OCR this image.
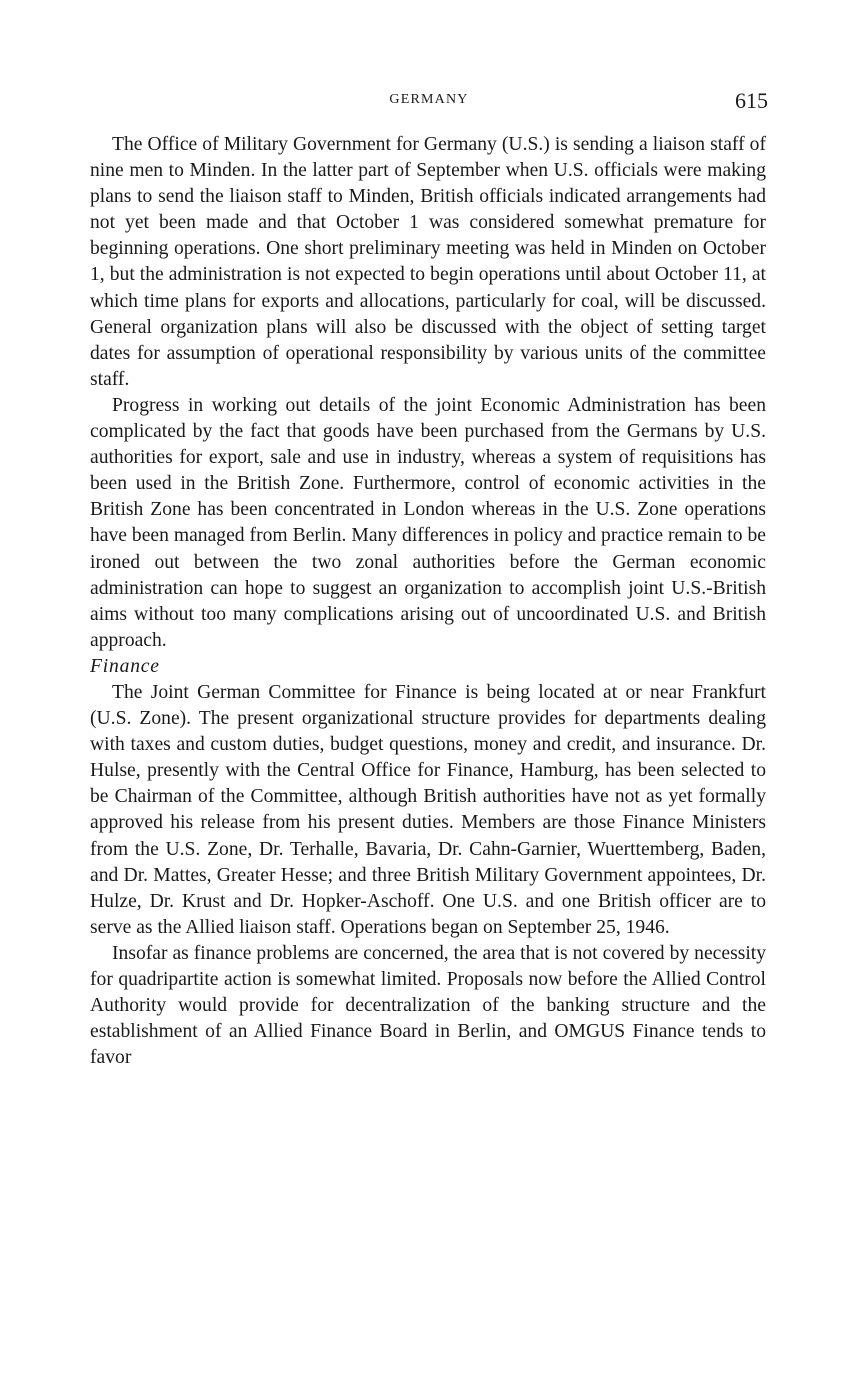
GERMANY	615

The Office of Military Government for Germany (U.S.) is sending a liaison staff of nine men to Minden. In the latter part of September when U.S. officials were making plans to send the liaison staff to Minden, British officials indicated arrangements had not yet been made and that October 1 was considered somewhat premature for beginning operations. One short preliminary meeting was held in Minden on October 1, but the administration is not expected to begin operations until about October 11, at which time plans for exports and allocations, particularly for coal, will be discussed. General organization plans will also be discussed with the object of setting target dates for assumption of operational responsibility by various units of the committee staff.

Progress in working out details of the joint Economic Administration has been complicated by the fact that goods have been purchased from the Germans by U.S. authorities for export, sale and use in industry, whereas a system of requisitions has been used in the British Zone. Furthermore, control of economic activities in the British Zone has been concentrated in London whereas in the U.S. Zone operations have been managed from Berlin. Many differences in policy and practice remain to be ironed out between the two zonal authorities before the German economic administration can hope to suggest an organization to accomplish joint U.S.-British aims without too many complications arising out of uncoordinated U.S. and British approach.

Finance

The Joint German Committee for Finance is being located at or near Frankfurt (U.S. Zone). The present organizational structure provides for departments dealing with taxes and custom duties, budget questions, money and credit, and insurance. Dr. Hulse, presently with the Central Office for Finance, Hamburg, has been selected to be Chairman of the Committee, although British authorities have not as yet formally approved his release from his present duties. Members are those Finance Ministers from the U.S. Zone, Dr. Terhalle, Bavaria, Dr. Cahn-Garnier, Wuerttemberg, Baden, and Dr. Mattes, Greater Hesse; and three British Military Government appointees, Dr. Hulze, Dr. Krust and Dr. Hopker-Aschoff. One U.S. and one British officer are to serve as the Allied liaison staff. Operations began on September 25, 1946.

Insofar as finance problems are concerned, the area that is not covered by necessity for quadripartite action is somewhat limited. Proposals now before the Allied Control Authority would provide for decentralization of the banking structure and the establishment of an Allied Finance Board in Berlin, and OMGUS Finance tends to favor
